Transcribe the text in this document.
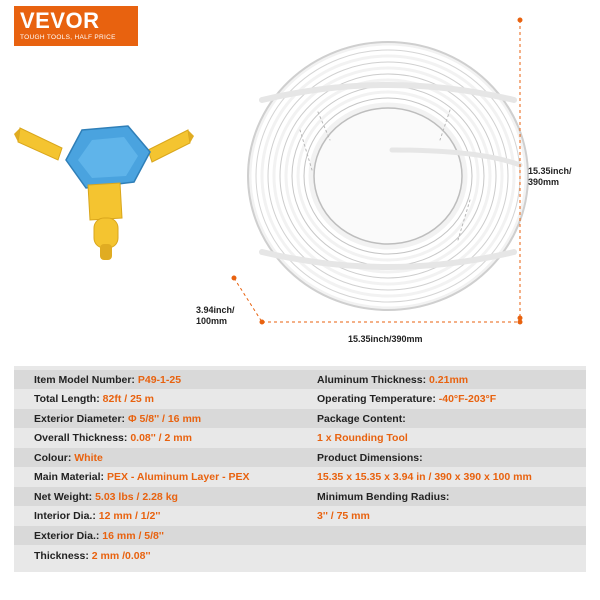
VEVOR
TOUGH TOOLS, HALF PRICE
15.35inch/
390mm
3.94inch/
100mm
15.35inch/390mm
Item Model Number: P49-1-25
Total Length: 82ft / 25 m
Exterior Diameter: Φ 5/8'' / 16 mm
Overall Thickness: 0.08'' / 2 mm
Colour: White
Main Material: PEX - Aluminum Layer - PEX
Net Weight: 5.03 lbs / 2.28 kg
Interior Dia.: 12 mm / 1/2''
Exterior Dia.: 16 mm / 5/8''
Thickness: 2 mm /0.08''
Aluminum Thickness: 0.21mm
Operating Temperature: -40°F-203°F
Package Content:
1 x Rounding Tool
Product Dimensions:
15.35 x 15.35 x 3.94 in / 390 x 390 x 100 mm
Minimum Bending Radius:
3'' / 75 mm
